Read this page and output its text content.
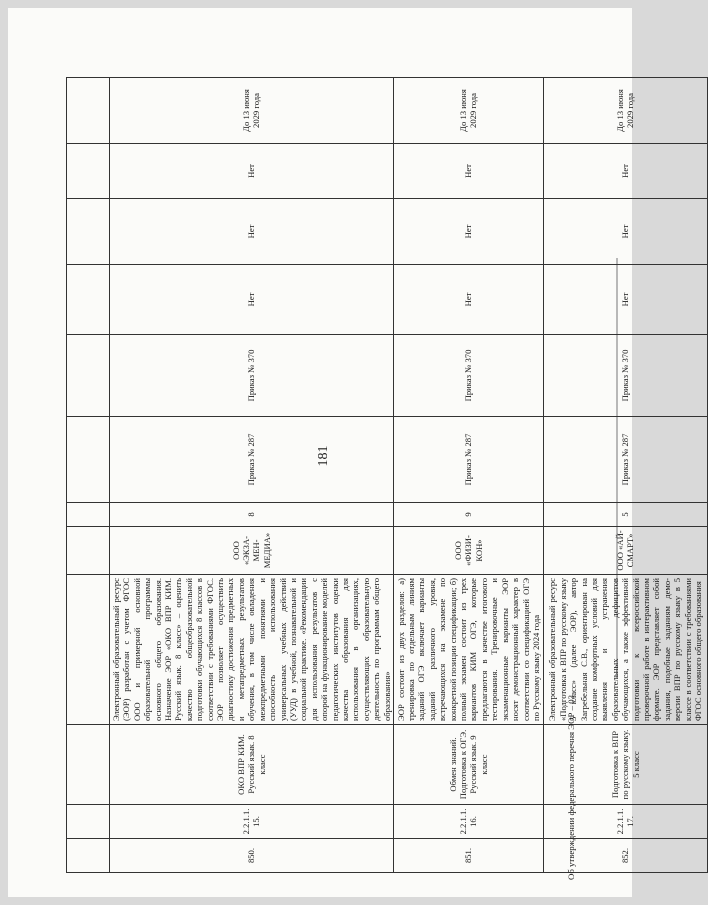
181

850.	2.2.1.1.15.	ОКО ВПР КИМ. Русский язык. 8 класс	Электронный образовательный ресурс (ЭОР) разработан с учетом ФГОС ООО и примерной основной образовательной программы основного общего образования. Назначение ЭОР «ОКО ВПР КИМ. Русский язык. 8 класс» – оценить качество общеобразовательной подготовки обучающихся 8 классов в соответствии с требованиями ФГОС. ЭОР позволяет осуществить диагностику достижения предметных и метапредметных результатов обучения, в том числе овладения межпредметными понятиями и способность использования универсальных учебных действий (УУД) в учебной, познавательной и социальной практике. «Рекомендации для использования результатов с опорой на функционирование моделей педагогических институтов оценки качества образования для использования в организациях, осуществляющих образовательную деятельность по программам общего образования»	ООО «ЭКЗА-МЕН-МЕДИА»	8	Приказ № 287	Приказ № 370	Нет	Нет	Нет	До 13 июня 2029 года
851.	2.2.1.1.16.	Обмен знаний. Подготовка к ОГЭ. Русский язык. 9 класс	ЭОР состоит из двух разделов: а) тренировка по отдельным линиям заданий ОГЭ включает варианты заданий различного уровня, встречающихся на экзамене по конкретной позиции спецификации; б) полный экзамен состоит из трех вариантов КИМ ОГЭ, которые предлагаются в качестве итогового тестирования. Тренировочные и экзаменационные варианты ЭОР носят демонстрационный характер в соответствии со спецификацией ОГЭ по Русскому языку 2024 года	ООО «ФИЗИ-КОН»	9	Приказ № 287	Приказ № 370	Нет	Нет	Нет	До 13 июня 2029 года
852.	2.2.1.1.17.	Подготовка к ВПР по русскому языку. 5 класс	Электронный образовательный ресурс «Подготовка к ВПР по русскому языку 5 класс» (далее ЭОР), автор Загребельная С.В., ориентирован на создание комфортных условий для выявления и устранения образовательных дефицитов обучающихся, а также эффективной подготовки к всероссийской проверочной работе в интерактивном формате. ЭОР представляет собой задания, подобные заданиям демо-версии ВПР по русскому языку в 5 классе в соответствии с требованиями ФГОС основного общего образования	ООО «АЙ-СМАРТ»	5	Приказ № 287	Приказ № 370	Нет	Нет	Нет	До 13 июня 2029 года
Об утверждении федерального перечня ЭОР – 03
